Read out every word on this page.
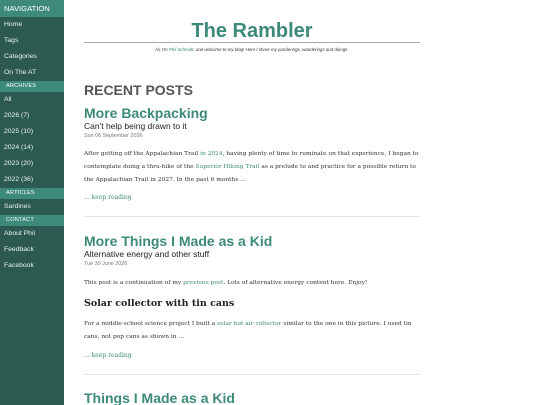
NAVIGATION
Home
Tags
Categories
On The AT
ARCHIVES
All
2026 (7)
2025 (10)
2024 (14)
2023 (20)
2022 (36)
ARTICLES
Sardines
CONTACT
About Phil
Feedback
Facebook
The Rambler
Hi, I'm Phil Schmidt, and welcome to my blog! Here I share my ponderings, wanderings and doings.
RECENT POSTS
More Backpacking
Can't help being drawn to it
Sun 06 September 2026
After getting off the Appalachian Trail in 2024, having plenty of time to ruminate on that experience, I began to
contemplate doing a thru-hike of the Superior Hiking Trail as a prelude to and practice for a possible return to
the Appalachian Trail in 2027. In the past 6 months ...
... keep reading
More Things I Made as a Kid
Alternative energy and other stuff
Tue 30 June 2026
This post is a continuation of my previous post. Lots of alternative energy content here. Enjoy!
Solar collector with tin cans
For a middle-school science project I built a solar hot air collector similar to the one in this picture. I used tin
cans, not pop cans as shown in ...
... keep reading
Things I Made as a Kid
